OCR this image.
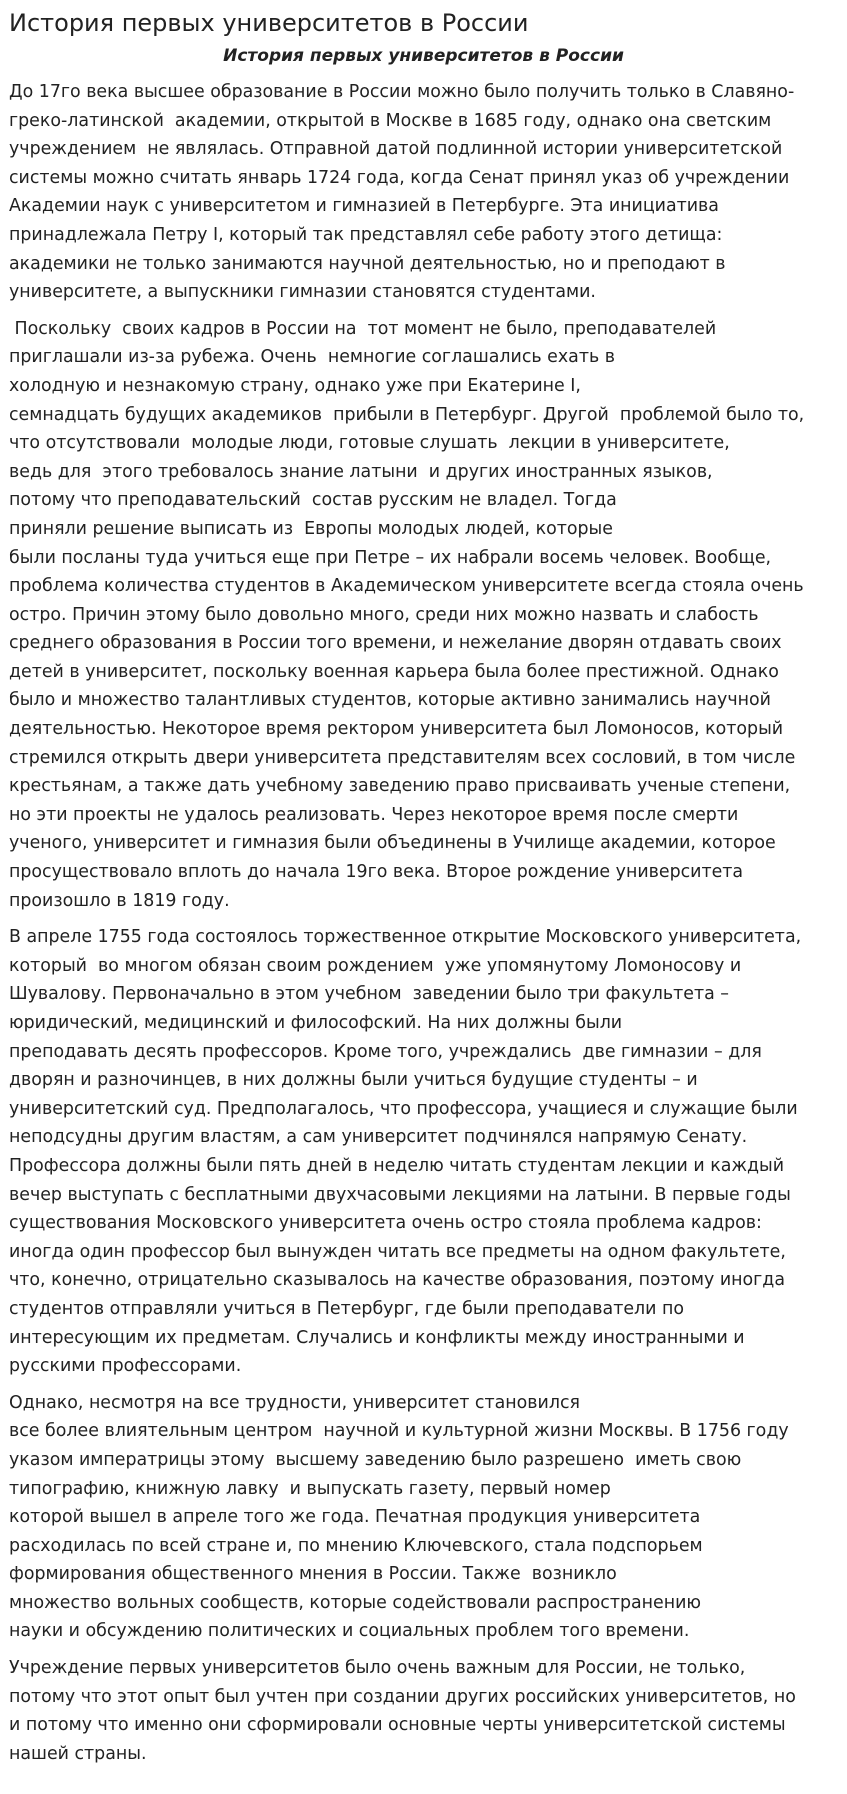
История первых университетов в России
История первых университетов в России

До 17го века высшее образование в России можно было получить только в Славяно-
греко-латинской  академии, открытой в Москве в 1685 году, однако она светским
учреждением  не являлась. Отправной датой подлинной истории университетской
системы можно считать январь 1724 года, когда Сенат принял указ об учреждении
Академии наук с университетом и гимназией в Петербурге. Эта инициатива
принадлежала Петру I, который так представлял себе работу этого детища:
академики не только занимаются научной деятельностью, но и преподают в
университете, а выпускники гимназии становятся студентами.

Поскольку  своих кадров в России на  тот момент не было, преподавателей
приглашали из-за рубежа. Очень  немногие соглашались ехать в
холодную и незнакомую страну, однако уже при Екатерине I,
семнадцать будущих академиков  прибыли в Петербург. Другой  проблемой было то,
что отсутствовали  молодые люди, готовые слушать  лекции в университете,
ведь для  этого требовалось знание латыни  и других иностранных языков,
потому что преподавательский  состав русским не владел. Тогда
приняли решение выписать из  Европы молодых людей, которые
были посланы туда учиться еще при Петре – их набрали восемь человек. Вообще,
проблема количества студентов в Академическом университете всегда стояла очень
остро. Причин этому было довольно много, среди них можно назвать и слабость
среднего образования в России того времени, и нежелание дворян отдавать своих
детей в университет, поскольку военная карьера была более престижной. Однако
было и множество талантливых студентов, которые активно занимались научной
деятельностью. Некоторое время ректором университета был Ломоносов, который
стремился открыть двери университета представителям всех сословий, в том числе
крестьянам, а также дать учебному заведению право присваивать ученые степени,
но эти проекты не удалось реализовать. Через некоторое время после смерти
ученого, университет и гимназия были объединены в Училище академии, которое
просуществовало вплоть до начала 19го века. Второе рождение университета
произошло в 1819 году.

В апреле 1755 года состоялось торжественное открытие Московского университета,
который  во многом обязан своим рождением  уже упомянутому Ломоносову и
Шувалову. Первоначально в этом учебном  заведении было три факультета –
юридический, медицинский и философский. На них должны были
преподавать десять профессоров. Кроме того, учреждались  две гимназии – для
дворян и разночинцев, в них должны были учиться будущие студенты – и
университетский суд. Предполагалось, что профессора, учащиеся и служащие были
неподсудны другим властям, а сам университет подчинялся напрямую Сенату.
Профессора должны были пять дней в неделю читать студентам лекции и каждый
вечер выступать с бесплатными двухчасовыми лекциями на латыни. В первые годы
существования Московского университета очень остро стояла проблема кадров:
иногда один профессор был вынужден читать все предметы на одном факультете,
что, конечно, отрицательно сказывалось на качестве образования, поэтому иногда
студентов отправляли учиться в Петербург, где были преподаватели по
интересующим их предметам. Случались и конфликты между иностранными и
русскими профессорами.

Однако, несмотря на все трудности, университет становился
все более влиятельным центром  научной и культурной жизни Москвы. В 1756 году
указом императрицы этому  высшему заведению было разрешено  иметь свою
типографию, книжную лавку  и выпускать газету, первый номер
которой вышел в апреле того же года. Печатная продукция университета
расходилась по всей стране и, по мнению Ключевского, стала подспорьем
формирования общественного мнения в России. Также  возникло
множество вольных сообществ, которые содействовали распространению
науки и обсуждению политических и социальных проблем того времени.

Учреждение первых университетов было очень важным для России, не только,
потому что этот опыт был учтен при создании других российских университетов, но
и потому что именно они сформировали основные черты университетской системы
нашей страны.
